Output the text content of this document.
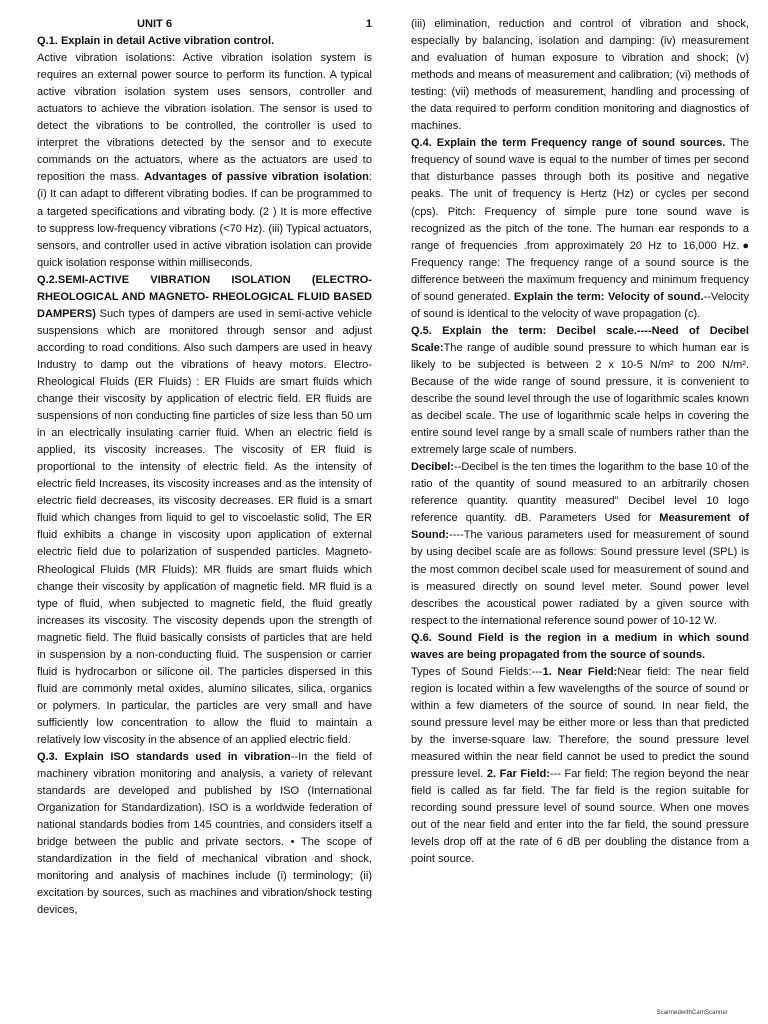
UNIT 6	1

Q.1. Explain in detail Active vibration control.

Active vibration isolations: Active vibration isolation system is requires an external power source to perform its function. A typical active vibration isolation system uses sensors, controller and actuators to achieve the vibration isolation. The sensor is used to detect the vibrations to be controlled, the controller is used to interpret the vibrations detected by the sensor and to execute commands on the actuators, where as the actuators are used to reposition the mass. Advantages of passive vibration isolation: (i) It can adapt to different vibrating bodies. If can be programmed to a targeted specifications and vibrating body. (2 ) It is more effective to suppress low-frequency vibrations (<70 Hz). (iii) Typical actuators, sensors, and controller used in active vibration isolation can provide quick isolation response within milliseconds.

Q.2.SEMI-ACTIVE VIBRATION ISOLATION (ELECTRO-RHEOLOGICAL AND MAGNETO- RHEOLOGICAL FLUID BASED DAMPERS) Such types of dampers are used in semi-active vehicle suspensions which are monitored through sensor and adjust according to road conditions. Also such dampers are used in heavy Industry to damp out the vibrations of heavy motors. Electro-Rheological Fluids (ER Fluids) : ER Fluids are smart fluids which change their viscosity by application of electric field. ER fluids are suspensions of non conducting fine particles of size less than 50 um in an electrically insulating carrier fluid. When an electric field is applied, its viscosity increases. The viscosity of ER fluid is proportional to the intensity of electric field. As the intensity of electric field Increases, its viscosity increases and as the intensity of electric field decreases, its viscosity decreases. ER fluid is a smart fluid which changes from liquid to gel to viscoelastic solid, The ER fluid exhibits a change in viscosity upon application of external electric field due to polarization of suspended particles. Magneto-Rheological Fluids (MR Fluids): MR fluids are smart fluids which change their viscosity by application of magnetic field. MR fluid is a type of fluid, when subjected to magnetic field, the fluid greatly increases its viscosity. The viscosity depends upon the strength of magnetic field. The fluid basically consists of particles that are held in suspension by a non-conducting fluid. The suspension or carrier fluid is hydrocarbon or silicone oil. The particles dispersed in this fluid are commonly metal oxides, alumino silicates, silica, organics or polymers. In particular, the particles are very small and have sufficiently low concentration to allow the fluid to maintain a relatively low viscosity in the absence of an applied electric field.

Q.3. Explain ISO standards used in vibration--In the field of machinery vibration monitoring and analysis, a variety of relevant standards are developed and published by ISO (International Organization for Standardization). ISO is a worldwide federation of national standards bodies from 145 countries, and considers itself a bridge between the public and private sectors. • The scope of standardization in the field of mechanical vibration and shock, monitoring and analysis of machines include (i) terminology; (ii) excitation by sources, such as machines and vibration/shock testing devices,

(iii) elimination, reduction and control of vibration and shock, especially by balancing, isolation and damping: (iv) measurement and evaluation of human exposure to vibration and shock; (v) methods and means of measurement and calibration; (vi) methods of testing: (vii) methods of measurement, handling and processing of the data required to perform condition monitoring and diagnostics of machines.

Q.4. Explain the term Frequency range of sound sources. The frequency of sound wave is equal to the number of times per second that disturbance passes through both its positive and negative peaks. The unit of frequency is Hertz (Hz) or cycles per second (cps). Pitch: Frequency of simple pure tone sound wave is recognized as the pitch of the tone. The human ear responds to a range of frequencies .from approximately 20 Hz to 16,000 Hz.● Frequency range: The frequency range of a sound source is the difference between the maximum frequency and minimum frequency of sound generated. Explain the term: Velocity of sound.--Velocity of sound is identical to the velocity of wave propagation (c).

Q.5. Explain the term: Decibel scale.----Need of Decibel Scale:The range of audible sound pressure to which human ear is likely to be subjected is between 2 x 10-5 N/m² to 200 N/m². Because of the wide range of sound pressure, it is convenient to describe the sound level through the use of logarithmic scales known as decibel scale. The use of logarithmic scale helps in covering the entire sound level range by a small scale of numbers rather than the extremely large scale of numbers.

Decibel:--Decibel is the ten times the logarithm to the base 10 of the ratio of the quantity of sound measured to an arbitrarily chosen reference quantity. quantity measured" Decibel level 10 logo reference quantity. dB. Parameters Used for Measurement of Sound:----The various parameters used for measurement of sound by using decibel scale are as follows: Sound pressure level (SPL) is the most common decibel scale used for measurement of sound and is measured directly on sound level meter. Sound power level describes the acoustical power radiated by a given source with respect to the international reference sound power of 10-12 W.

Q.6. Sound Field is the region in a medium in which sound waves are being propagated from the source of sounds.

Types of Sound Fields:---1. Near Field:Near field: The near field region is located within a few wavelengths of the source of sound or within a few diameters of the source of sound. In near field, the sound pressure level may be either more or less than that predicted by the inverse-square law. Therefore, the sound pressure level measured within the near field cannot be used to predict the sound pressure level. 2. Far Field:--- Far field: The region beyond the near field is called as far field. The far field is the region suitable for recording sound pressure level of sound source. When one moves out of the near field and enter into the far field, the sound pressure levels drop off at the rate of 6 dB per doubling the distance from a point source.

ScannedwithCamScanner
